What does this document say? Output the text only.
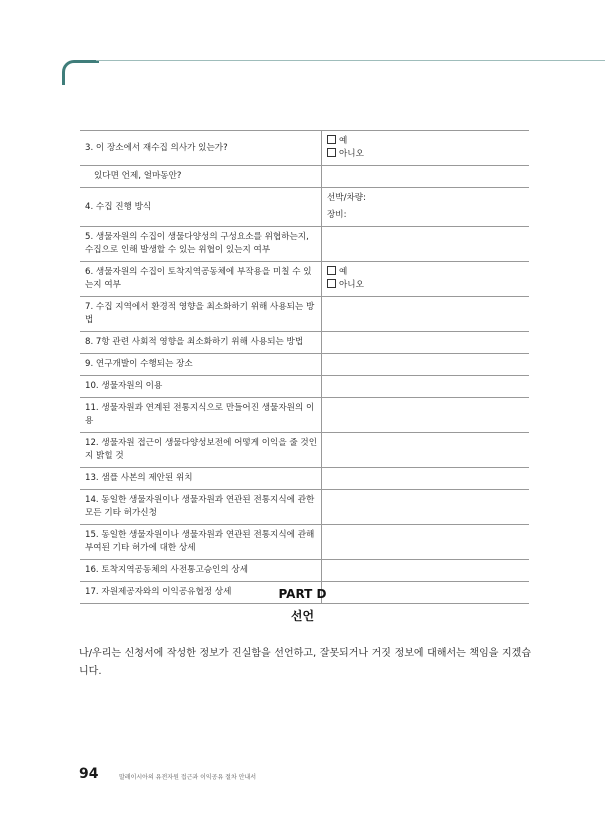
3. 이 장소에서 재수집 의사가 있는가?	예
아니오

있다면 언제, 얼마동안?	
4. 수집 진행 방식	선박/차량:
장비:

5. 생물자원의 수집이 생물다양성의 구성요소를 위협하는지, 수집으로 인해 발생할 수 있는 위협이 있는지 여부	
6. 생물자원의 수집이 토착지역공동체에 부작용을 미칠 수 있는지 여부	예
아니오

7. 수집 지역에서 환경적 영향을 최소화하기 위해 사용되는 방법	
8. 7항 관련 사회적 영향을 최소화하기 위해 사용되는 방법	
9. 연구개발이 수행되는 장소	
10. 생물자원의 이용	
11. 생물자원과 연계된 전통지식으로 만들어진 생물자원의 이용	
12. 생물자원 접근이 생물다양성보전에 어떻게 이익을 줄 것인지 밝힐 것	
13. 샘플 사본의 제안된 위치	
14. 동일한 생물자원이나 생물자원과 연관된 전통지식에 관한 모든 기타 허가신청	
15. 동일한 생물자원이나 생물자원과 연관된 전통지식에 관해 부여된 기타 허가에 대한 상세	
16. 토착지역공동체의 사전통고승인의 상세	
17. 자원제공자와의 이익공유협정 상세		PART D
선언
나/우리는 신청서에 작성한 정보가 진실함을 선언하고, 잘못되거나 거짓 정보에 대해서는 책임을 지겠습니다.
94	말레이시아의 유전자원 접근과 이익공유 절차 안내서
